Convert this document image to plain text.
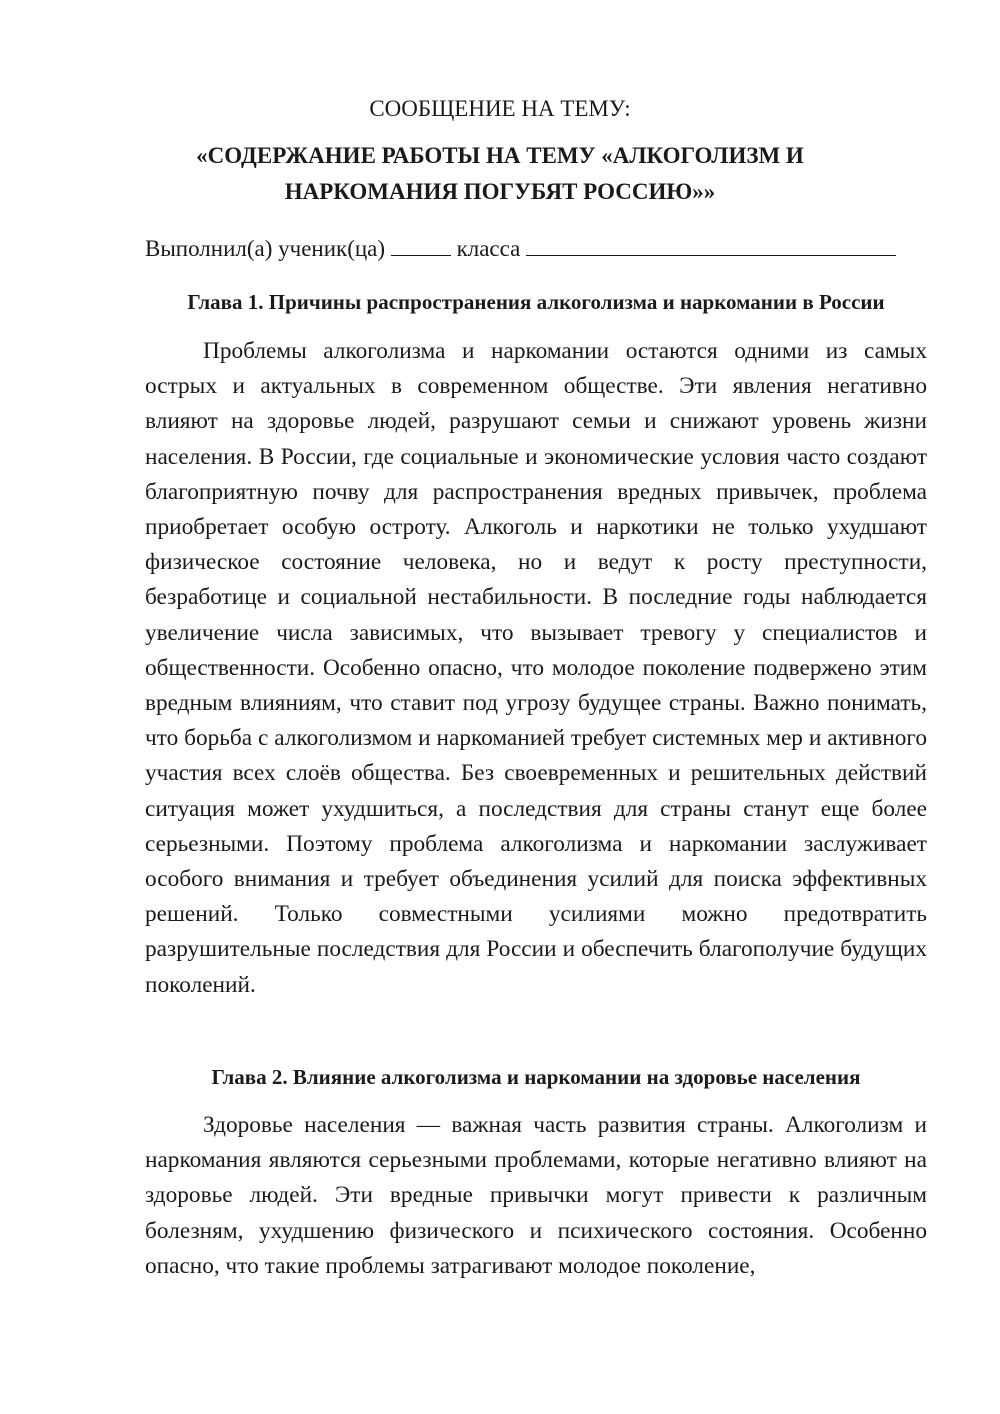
СООБЩЕНИЕ НА ТЕМУ:
«СОДЕРЖАНИЕ РАБОТЫ НА ТЕМУ «АЛКОГОЛИЗМ И
НАРКОМАНИЯ ПОГУБЯТ РОССИЮ»»
Выполнил(а) ученик(ца)	класса
Глава 1. Причины распространения алкоголизма и наркомании в России

Проблемы алкоголизма и наркомании остаются одними из самых острых и актуальных в современном обществе. Эти явления негативно влияют на здоровье людей, разрушают семьи и снижают уровень жизни населения. В России, где социальные и экономические условия часто создают благоприятную почву для распространения вредных привычек, проблема приобретает особую остроту. Алкоголь и наркотики не только ухудшают физическое состояние человека, но и ведут к росту преступности, безработице и социальной нестабильности. В последние годы наблюдается увеличение числа зависимых, что вызывает тревогу у специалистов и общественности. Особенно опасно, что молодое поколение подвержено этим вредным влияниям, что ставит под угрозу будущее страны. Важно понимать, что борьба с алкоголизмом и наркоманией требует системных мер и активного участия всех слоёв общества. Без своевременных и решительных действий ситуация может ухудшиться, а последствия для страны станут еще более серьезными. Поэтому проблема алкоголизма и наркомании заслуживает особого внимания и требует объединения усилий для поиска эффективных решений. Только совместными усилиями можно предотвратить разрушительные последствия для России и обеспечить благополучие будущих поколений.

Глава 2. Влияние алкоголизма и наркомании на здоровье населения

Здоровье населения — важная часть развития страны. Алкоголизм и наркомания являются серьезными проблемами, которые негативно влияют на здоровье людей. Эти вредные привычки могут привести к различным болезням, ухудшению физического и психического состояния. Особенно опасно, что такие проблемы затрагивают молодое поколение,
